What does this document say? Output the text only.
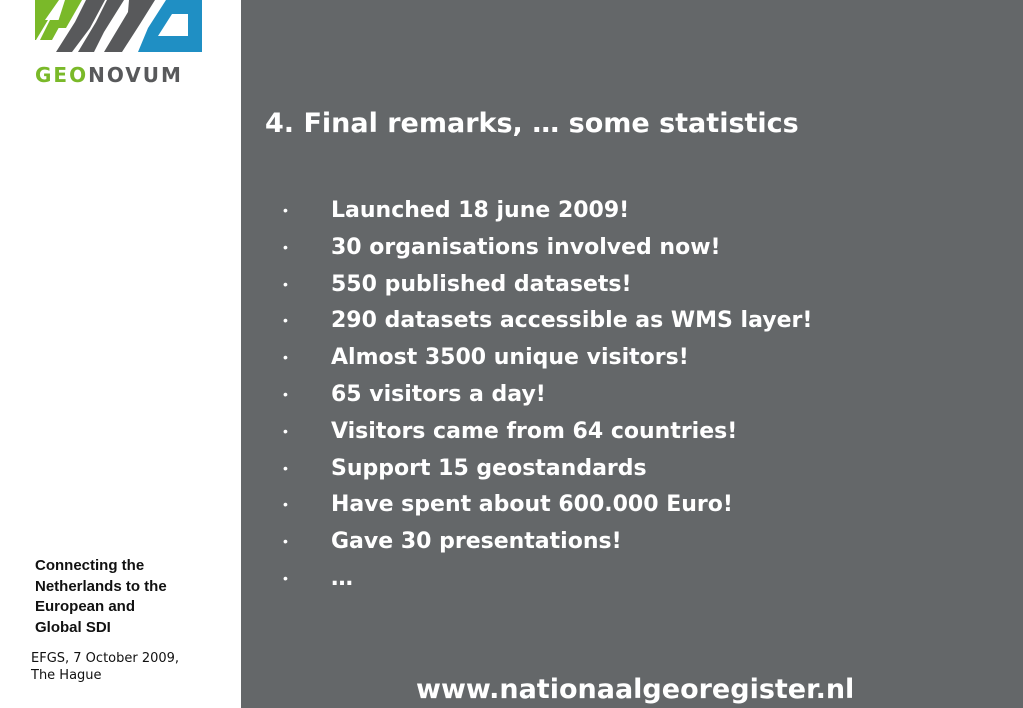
GEONOVUM
Connecting the
Netherlands to the
European and
Global SDI
EFGS, 7 October 2009,
The Hague
4. Final remarks, … some statistics
• Launched 18 june 2009!
• 30 organisations involved now!
• 550 published datasets!
• 290 datasets accessible as WMS layer!
• Almost 3500 unique visitors!
• 65 visitors a day!
• Visitors came from 64 countries!
• Support 15 geostandards
• Have spent about 600.000 Euro!
• Gave 30 presentations!
• …
www.nationaalgeoregister.nl
